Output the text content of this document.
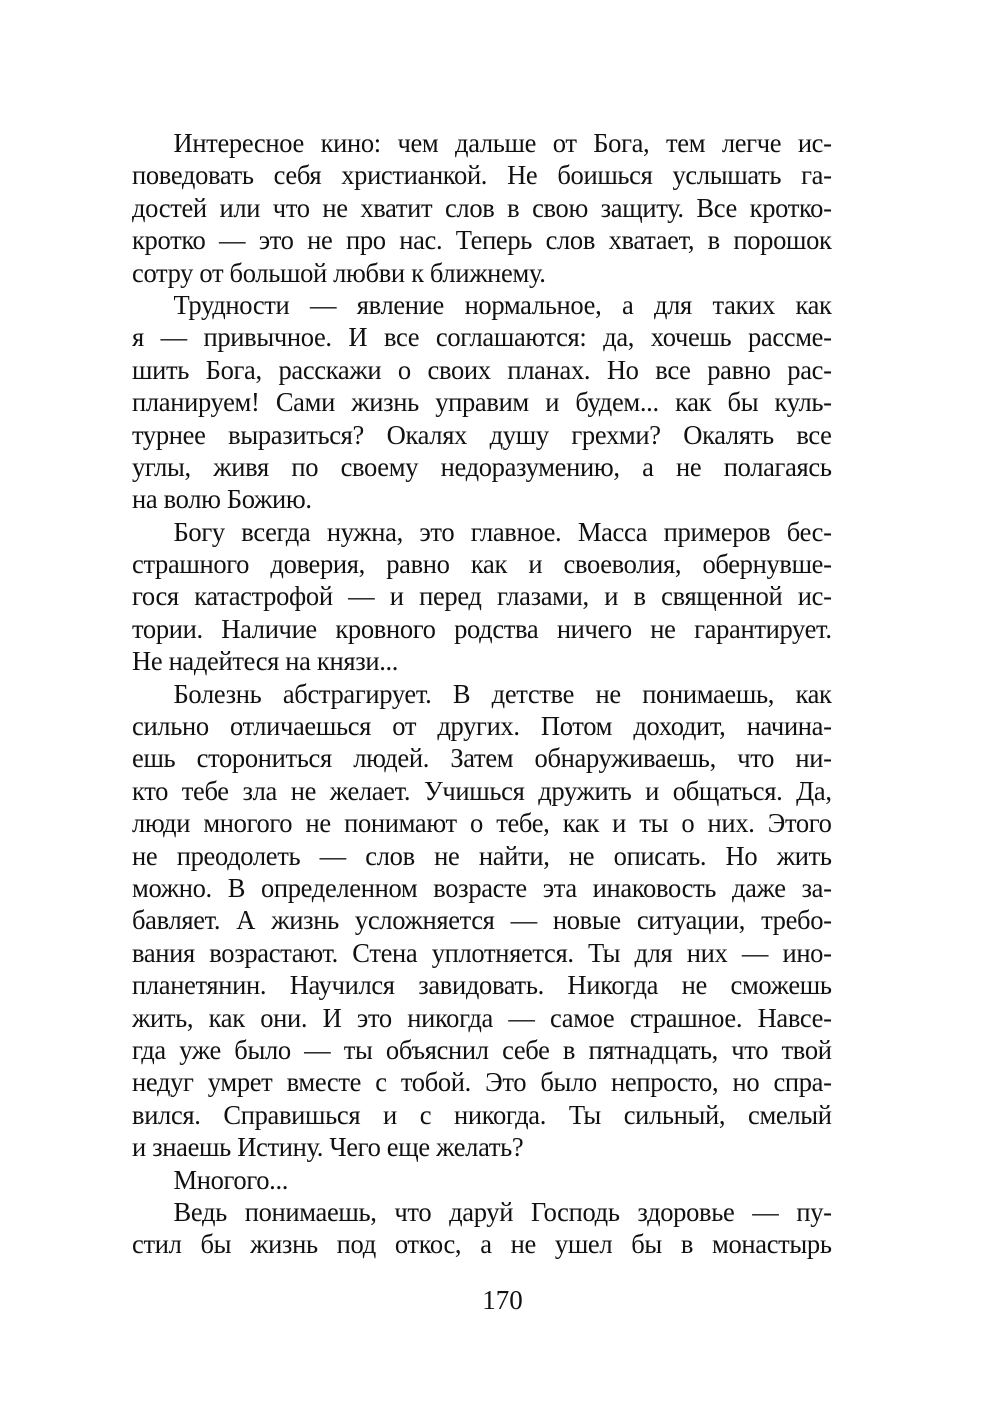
Интересное кино: чем дальше от Бога, тем легче ис-
поведовать себя христианкой. Не боишься услышать га-
достей или что не хватит слов в свою защиту. Все кротко-
кротко — это не про нас. Теперь слов хватает, в порошок
сотру от большой любви к ближнему.
Трудности — явление нормальное, а для таких как
я — привычное. И все соглашаются: да, хочешь рассме-
шить Бога, расскажи о своих планах. Но все равно рас-
планируем! Сами жизнь управим и будем... как бы куль-
турнее выразиться? Окалях душу грехми? Окалять все
углы, живя по своему недоразумению, а не полагаясь
на волю Божию.
Богу всегда нужна, это главное. Масса примеров бес-
страшного доверия, равно как и своеволия, обернувше-
гося катастрофой — и перед глазами, и в священной ис-
тории. Наличие кровного родства ничего не гарантирует.
Не надейтеся на князи...
Болезнь абстрагирует. В детстве не понимаешь, как
сильно отличаешься от других. Потом доходит, начина-
ешь сторониться людей. Затем обнаруживаешь, что ни-
кто тебе зла не желает. Учишься дружить и общаться. Да,
люди многого не понимают о тебе, как и ты о них. Этого
не преодолеть — слов не найти, не описать. Но жить
можно. В определенном возрасте эта инаковость даже за-
бавляет. А жизнь усложняется — новые ситуации, требо-
вания возрастают. Стена уплотняется. Ты для них — ино-
планетянин. Научился завидовать. Никогда не сможешь
жить, как они. И это никогда — самое страшное. Навсе-
гда уже было — ты объяснил себе в пятнадцать, что твой
недуг умрет вместе с тобой. Это было непросто, но спра-
вился. Справишься и с никогда. Ты сильный, смелый
и знаешь Истину. Чего еще желать?
Многого...
Ведь понимаешь, что даруй Господь здоровье — пу-
стил бы жизнь под откос, а не ушел бы в монастырь
170
